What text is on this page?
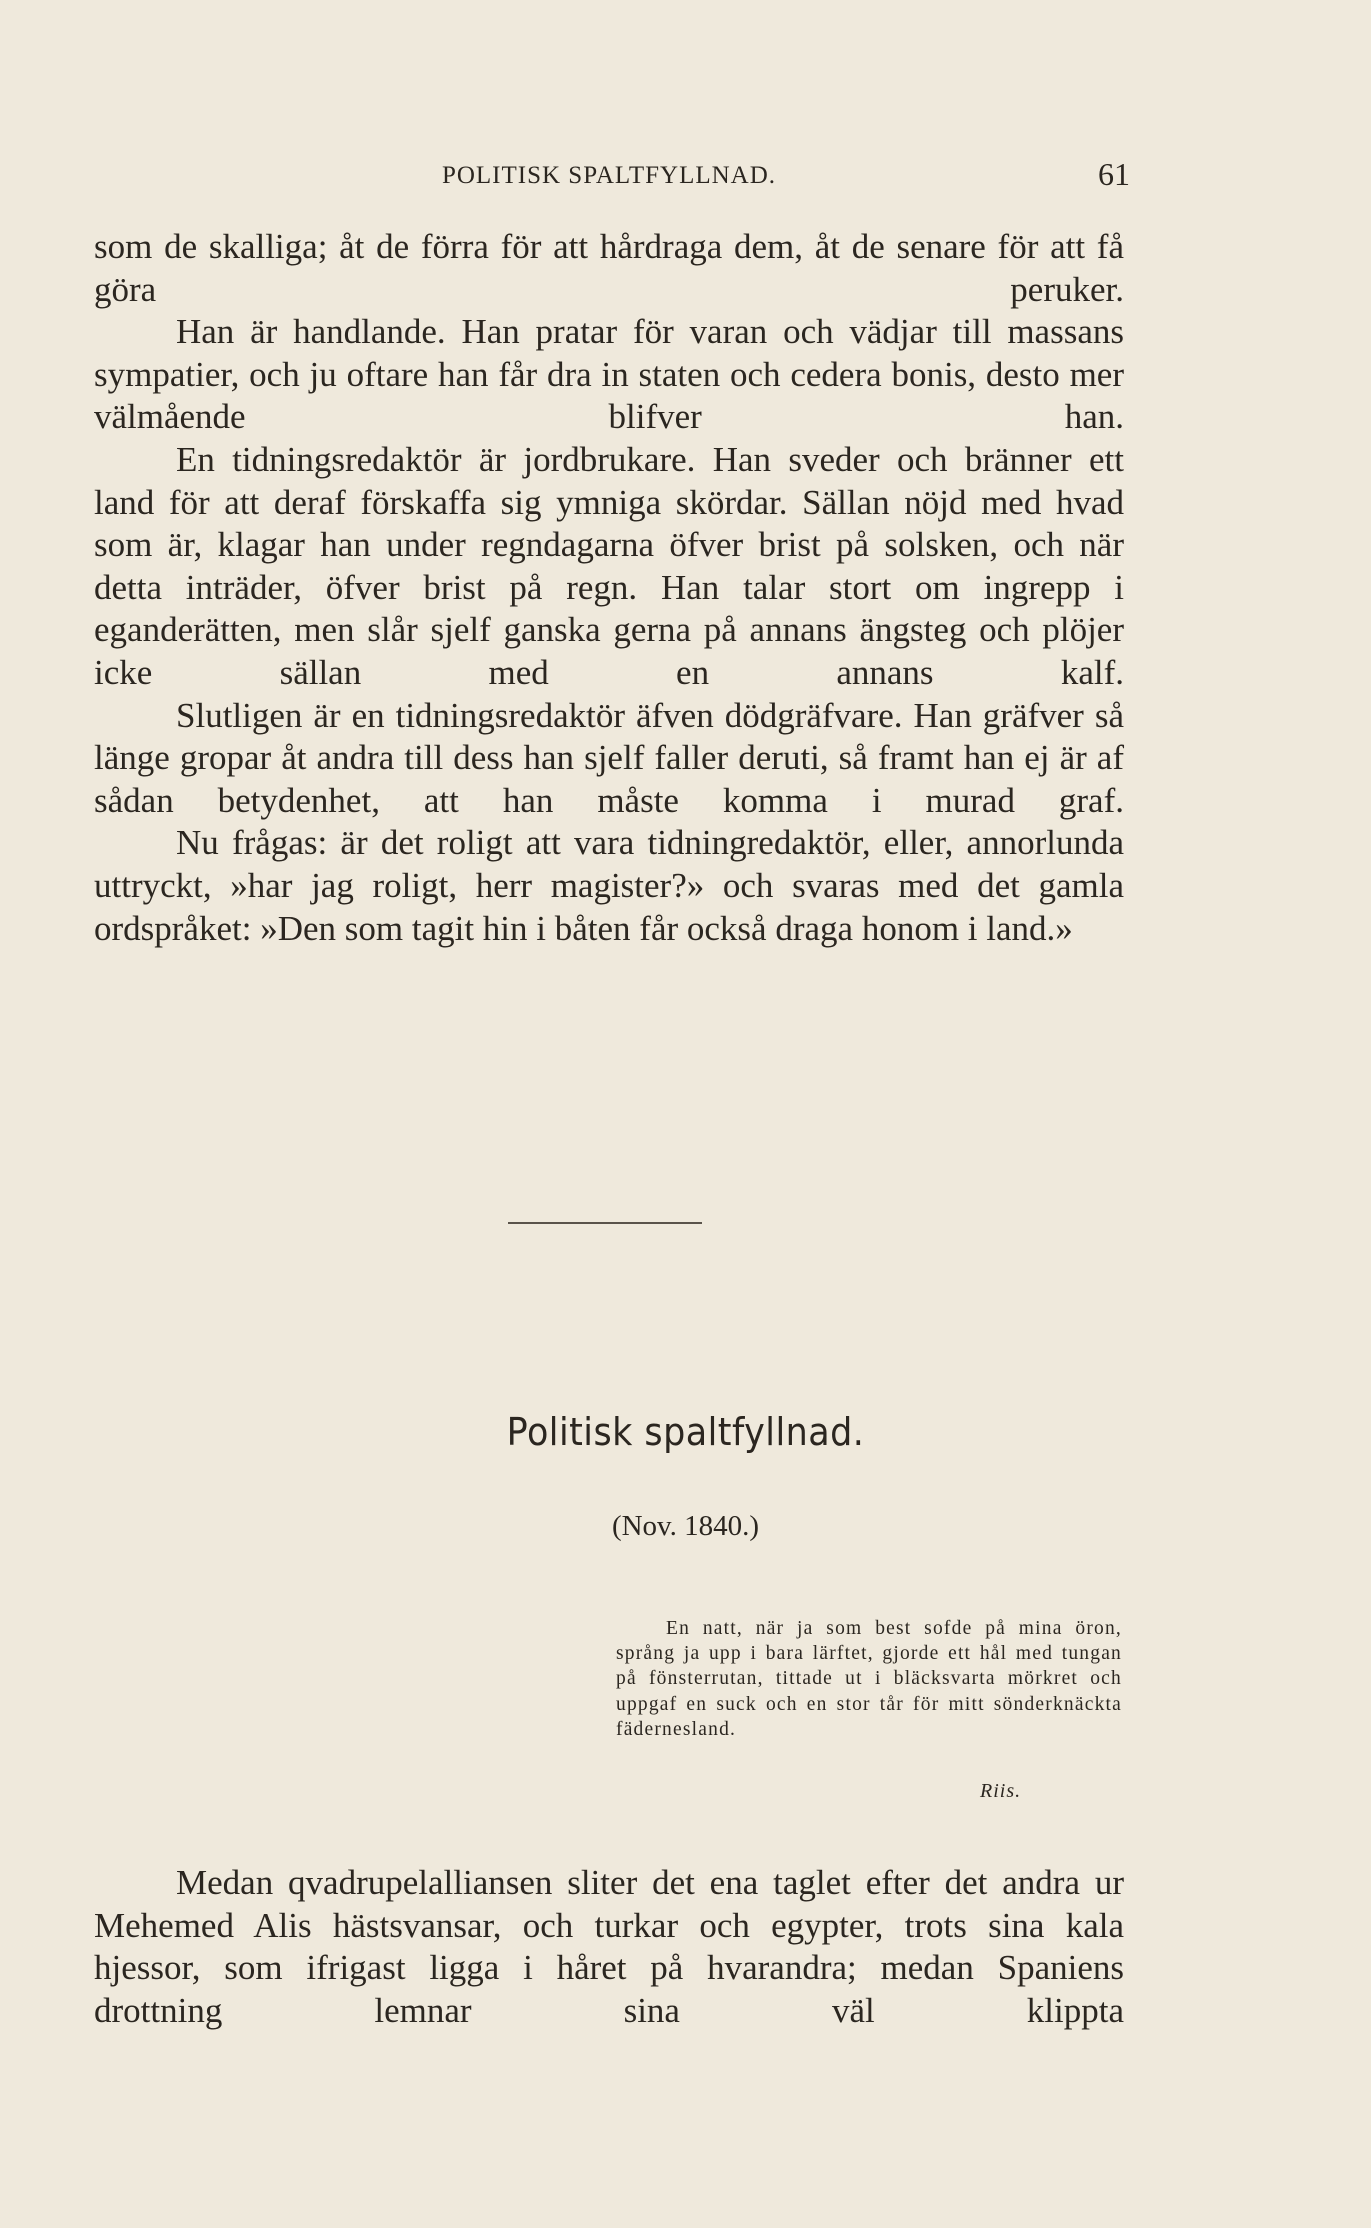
POLITISK SPALTFYLLNAD.	61

som de skalliga; åt de förra för att hårdraga dem, åt de senare för att få göra peruker.

Han är handlande. Han pratar för varan och vädjar till massans sympatier, och ju oftare han får dra in staten och cedera bonis, desto mer välmående blifver han.

En tidningsredaktör är jordbrukare. Han sveder och bränner ett land för att deraf förskaffa sig ymniga skördar. Sällan nöjd med hvad som är, klagar han under regndagarna öfver brist på solsken, och när detta inträder, öfver brist på regn. Han talar stort om ingrepp i eganderätten, men slår sjelf ganska gerna på annans ängsteg och plöjer icke sällan med en annans kalf.

Slutligen är en tidningsredaktör äfven dödgräfvare. Han gräfver så länge gropar åt andra till dess han sjelf faller deruti, så framt han ej är af sådan betydenhet, att han måste komma i murad graf.

Nu frågas: är det roligt att vara tidningredaktör, eller, annorlunda uttryckt, »har jag roligt, herr magister?» och svaras med det gamla ordspråket: »Den som tagit hin i båten får också draga honom i land.»

Politisk spaltfyllnad.
(Nov. 1840.)

En natt, när ja som best sofde på mina öron, språng ja upp i bara lärftet, gjorde ett hål med tungan på fönsterrutan, tittade ut i bläcksvarta mörkret och uppgaf en suck och en stor tår för mitt sönderknäckta fädernesland.

Riis.

Medan qvadrupelalliansen sliter det ena taglet efter det andra ur Mehemed Alis hästsvansar, och turkar och egypter, trots sina kala hjessor, som ifrigast ligga i håret på hvarandra; medan Spaniens drottning lemnar sina väl klippta
